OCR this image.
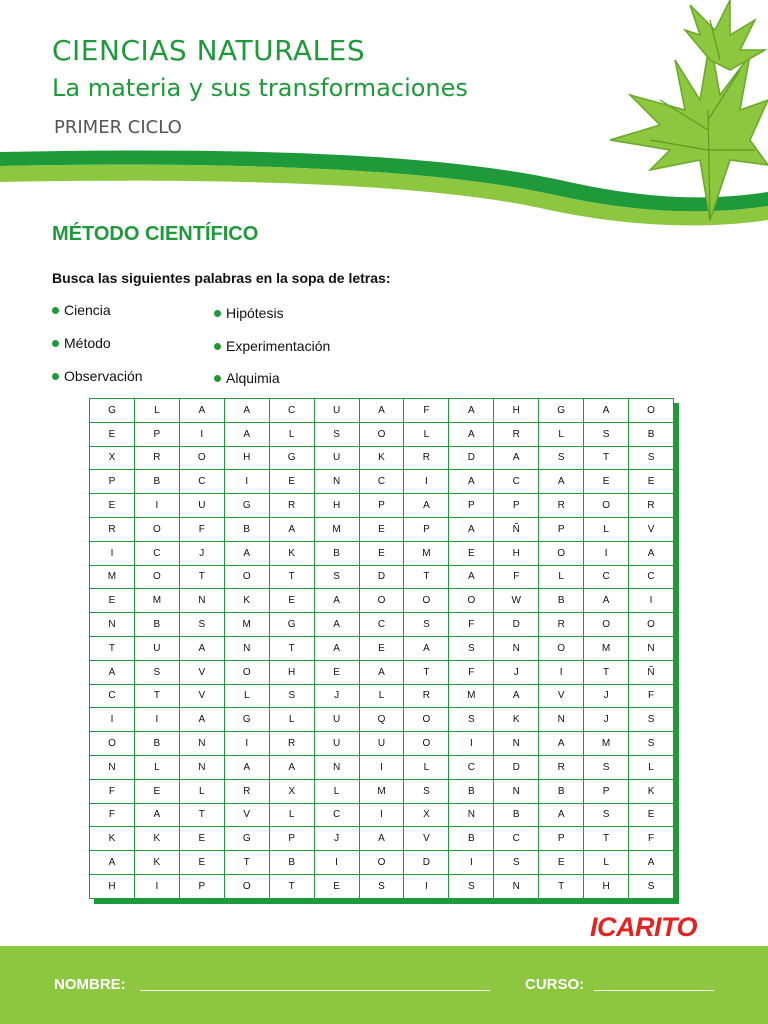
CIENCIAS NATURALES
La materia y sus transformaciones
PRIMER CICLO
MÉTODO CIENTÍFICO
Busca las siguientes palabras en la sopa de letras:
Ciencia
Método
Observación
Hipótesis
Experimentación
Alquimia
G	L	A	A	C	U	A	F	A	H	G	A	O
E	P	I	A	L	S	O	L	A	R	L	S	B
X	R	O	H	G	U	K	R	D	A	S	T	S
P	B	C	I	E	N	C	I	A	C	A	E	E
E	I	U	G	R	H	P	A	P	P	R	O	R
R	O	F	B	A	M	E	P	A	Ñ	P	L	V
I	C	J	A	K	B	E	M	E	H	O	I	A
M	O	T	O	T	S	D	T	A	F	L	C	C
E	M	N	K	E	A	O	O	O	W	B	A	I
N	B	S	M	G	A	C	S	F	D	R	O	O
T	U	A	N	T	A	E	A	S	N	O	M	N
A	S	V	O	H	E	A	T	F	J	I	T	Ñ
C	T	V	L	S	J	L	R	M	A	V	J	F
I	I	A	G	L	U	Q	O	S	K	N	J	S
O	B	N	I	R	U	U	O	I	N	A	M	S
N	L	N	A	A	N	I	L	C	D	R	S	L
F	E	L	R	X	L	M	S	B	N	B	P	K
F	A	T	V	L	C	I	X	N	B	A	S	E
K	K	E	G	P	J	A	V	B	C	P	T	F
A	K	E	T	B	I	O	D	I	S	E	L	A
H	I	P	O	T	E	S	I	S	N	T	H	S
ICARITO
NOMBRE:	CURSO:
